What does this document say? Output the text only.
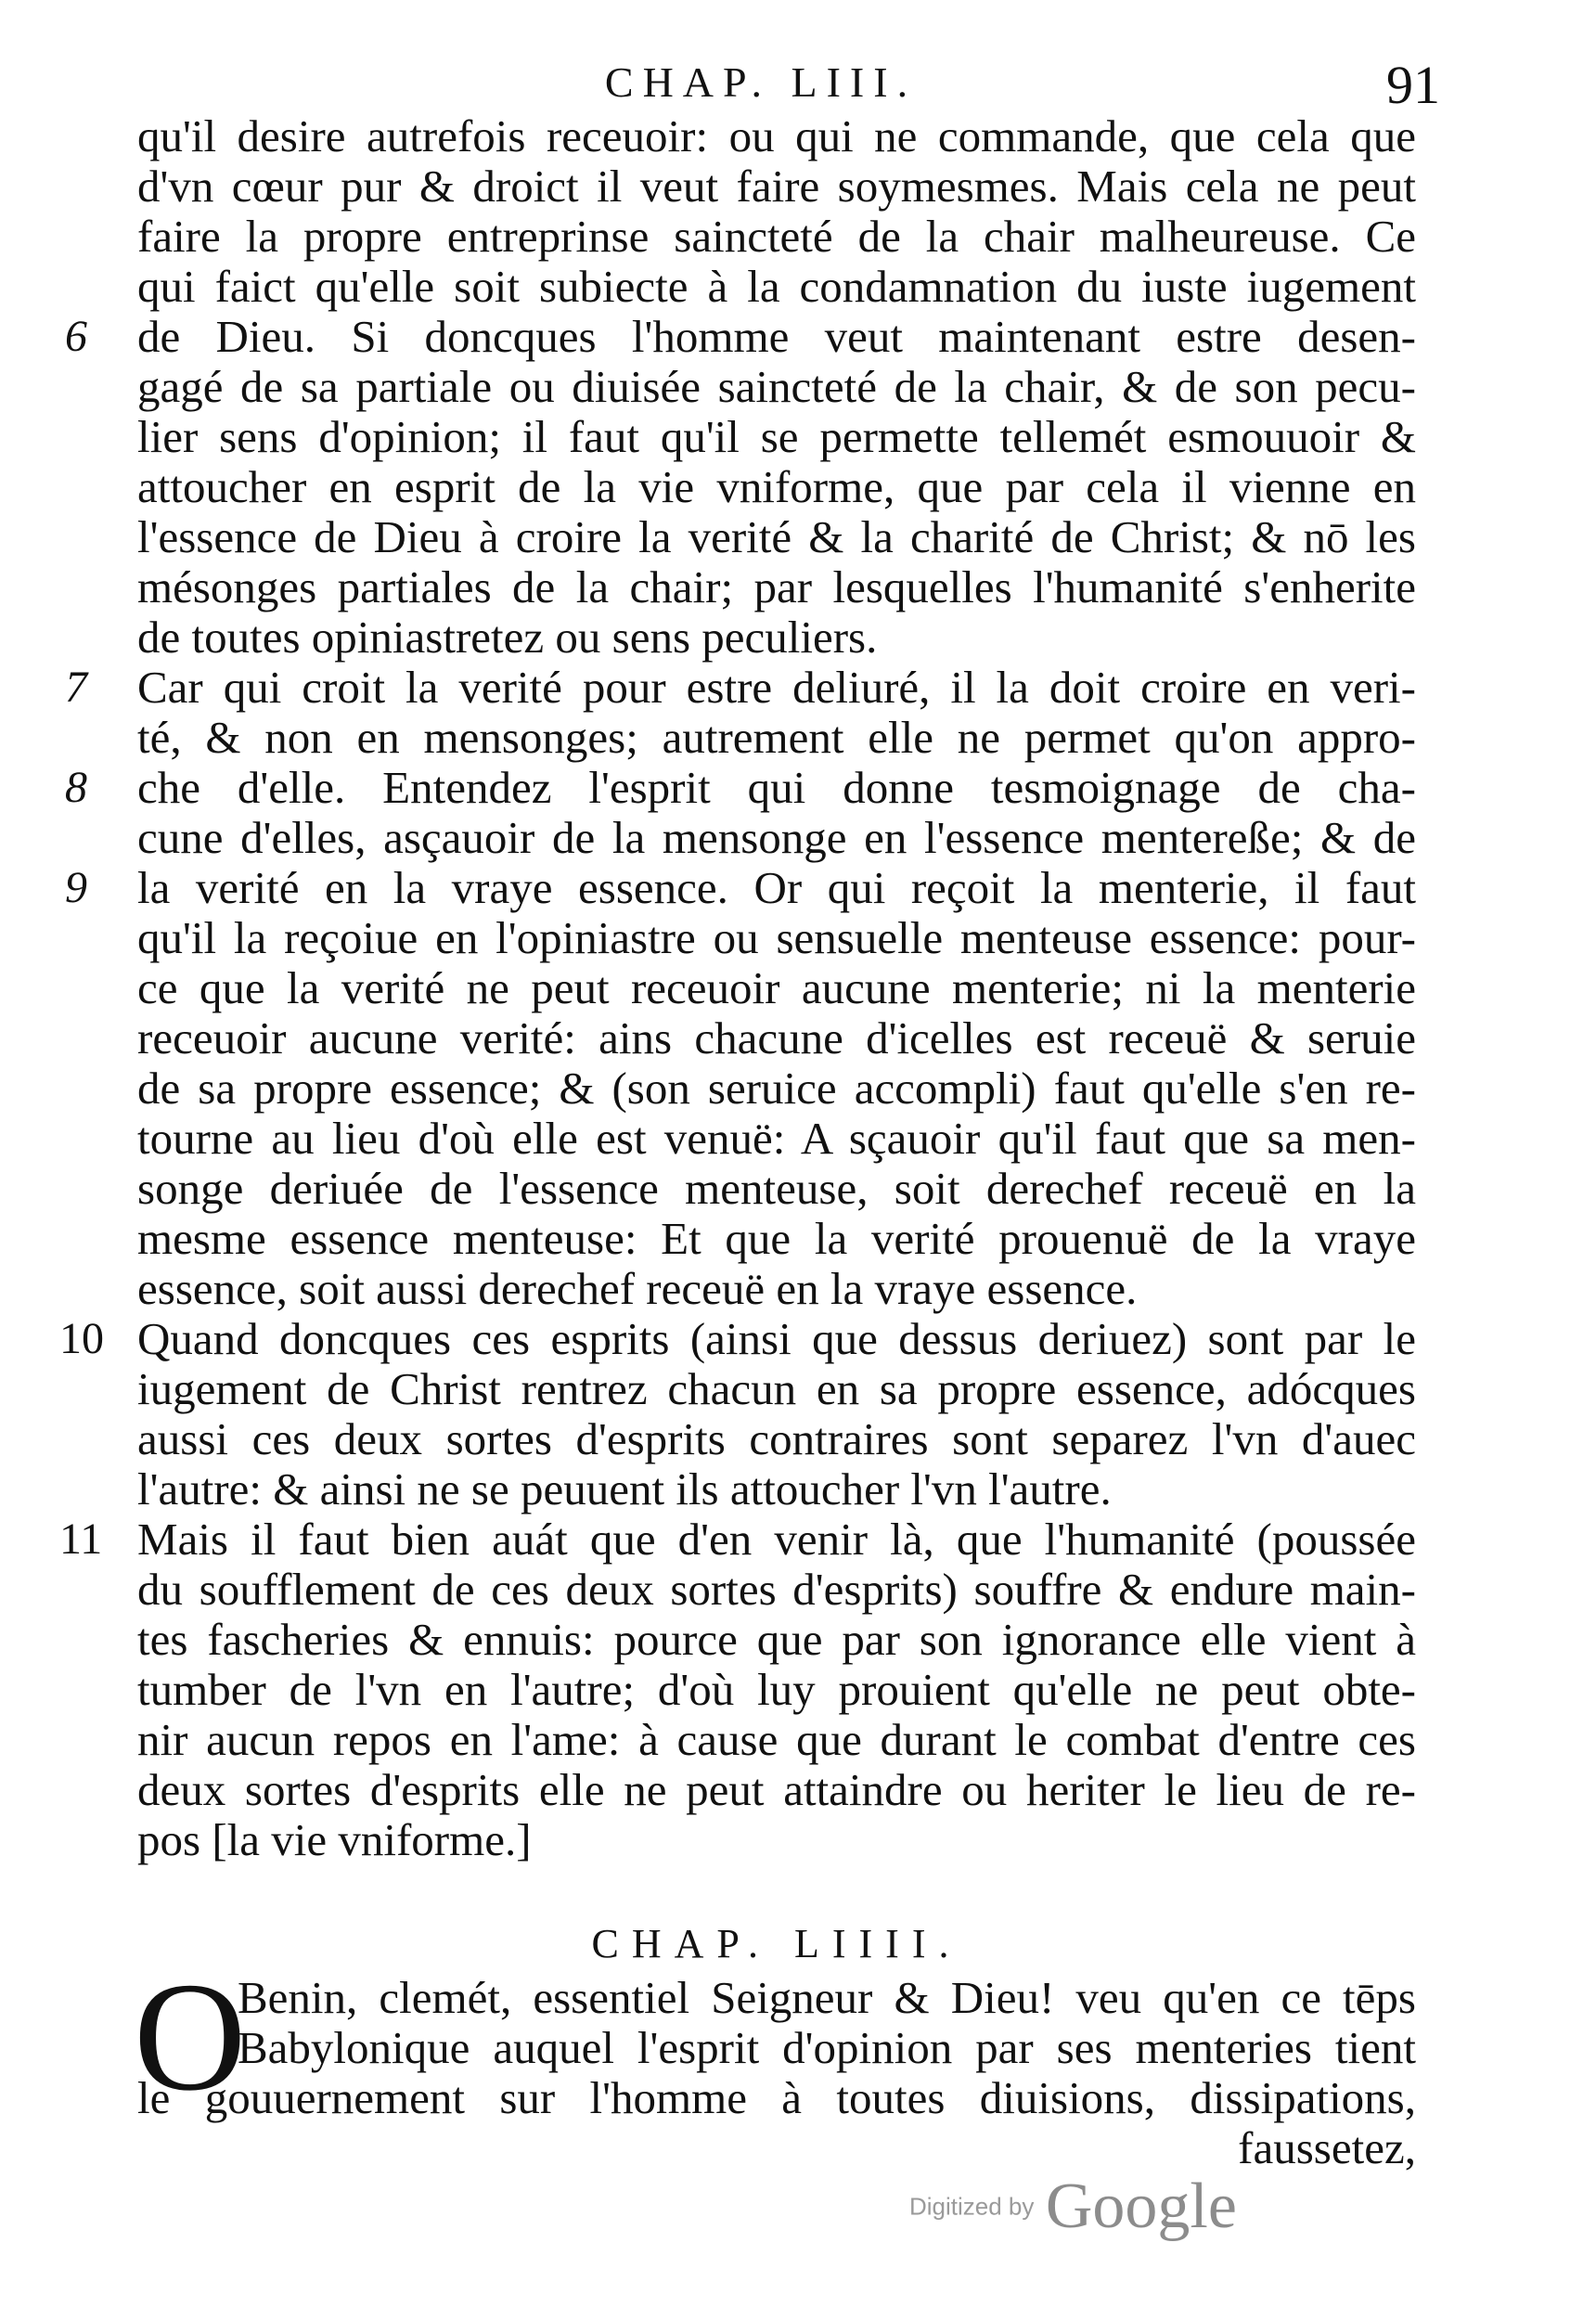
CHAP. LIII.	91
qu'il desire autrefois receuoir: ou qui ne commande, que cela que
d'vn cœur pur & droict il veut faire soymesmes. Mais cela ne peut
faire la propre entreprinse saincteté de la chair malheureuse. Ce
qui faict qu'elle soit subiecte à la condamnation du iuste iugement
6 de Dieu. Si doncques l'homme veut maintenant estre desen-
gagé de sa partiale ou diuisée saincteté de la chair, & de son pecu-
lier sens d'opinion; il faut qu'il se permette tellemét esmouuoir &
attoucher en esprit de la vie vniforme, que par cela il vienne en
l'essence de Dieu à croire la verité & la charité de Christ; & nō les
mésonges partiales de la chair; par lesquelles l'humanité s'enherite
de toutes opiniastretez ou sens peculiers.
7 Car qui croit la verité pour estre deliuré, il la doit croire en veri-
té, & non en mensonges; autrement elle ne permet qu'on appro-
8 che d'elle. Entendez l'esprit qui donne tesmoignage de cha-
cune d'elles, asçauoir de la mensonge en l'essence mentereße; & de
9 la verité en la vraye essence. Or qui reçoit la menterie, il faut
qu'il la reçoiue en l'opiniastre ou sensuelle menteuse essence: pour-
ce que la verité ne peut receuoir aucune menterie; ni la menterie
receuoir aucune verité: ains chacune d'icelles est receuë & seruie
de sa propre essence; & (son seruice accompli) faut qu'elle s'en re-
tourne au lieu d'où elle est venuë: A sçauoir qu'il faut que sa men-
songe deriuée de l'essence menteuse, soit derechef receuë en la
mesme essence menteuse: Et que la verité prouenuë de la vraye
essence, soit aussi derechef receuë en la vraye essence.
10 Quand doncques ces esprits (ainsi que dessus deriuez) sont par le
iugement de Christ rentrez chacun en sa propre essence, adócques
aussi ces deux sortes d'esprits contraires sont separez l'vn d'auec
l'autre: & ainsi ne se peuuent ils attoucher l'vn l'autre.
11 Mais il faut bien auát que d'en venir là, que l'humanité (poussée
du soufflement de ces deux sortes d'esprits) souffre & endure main-
tes fascheries & ennuis: pource que par son ignorance elle vient à
tumber de l'vn en l'autre; d'où luy prouient qu'elle ne peut obte-
nir aucun repos en l'ame: à cause que durant le combat d'entre ces
deux sortes d'esprits elle ne peut attaindre ou heriter le lieu de re-
pos [la vie vniforme.]
CHAP. LIIII.
O
Benin, clemét, essentiel Seigneur & Dieu! veu qu'en ce tēps
Babylonique auquel l'esprit d'opinion par ses menteries tient
le gouuernement sur l'homme à toutes diuisions, dissipations,
faussetez,
Digitized by Google
